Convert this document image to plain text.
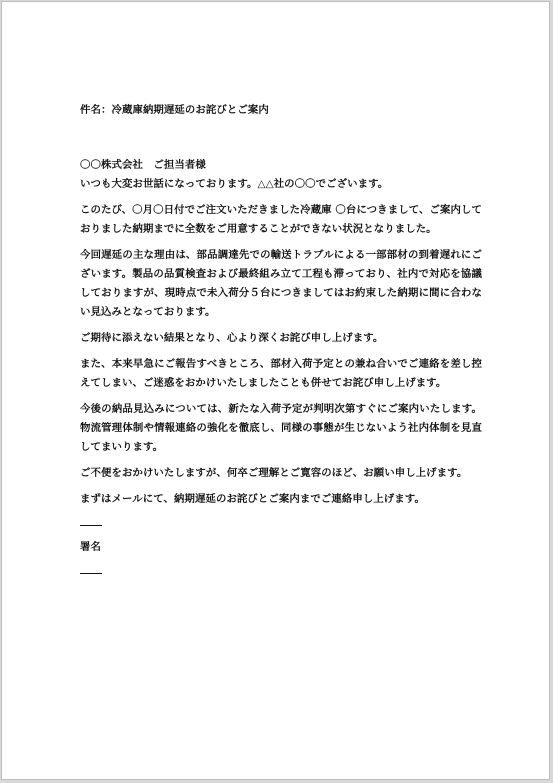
件名：冷蔵庫納期遅延のお詫びとご案内

〇〇株式会社　ご担当者様

いつも大変お世話になっております。△△社の〇〇でございます。

このたび、〇月〇日付でご注文いただきました冷蔵庫 〇台につきまして、ご案内しておりました納期までに全数をご用意することができない状況となりました。

今回遅延の主な理由は、部品調達先での輸送トラブルによる一部部材の到着遅れにございます。製品の品質検査および最終組み立て工程も滞っており、社内で対応を協議しておりますが、現時点で未入荷分５台につきましてはお約束した納期に間に合わない見込みとなっております。

ご期待に添えない結果となり、心より深くお詫び申し上げます。

また、本来早急にご報告すべきところ、部材入荷予定との兼ね合いでご連絡を差し控えてしまい、ご迷惑をおかけいたしましたことも併せてお詫び申し上げます。

今後の納品見込みについては、新たな入荷予定が判明次第すぐにご案内いたします。物流管理体制や情報連絡の強化を徹底し、同様の事態が生じないよう社内体制を見直してまいります。

ご不便をおかけいたしますが、何卒ご理解とご寛容のほど、お願い申し上げます。

まずはメールにて、納期遅延のお詫びとご案内までご連絡申し上げます。

署名
